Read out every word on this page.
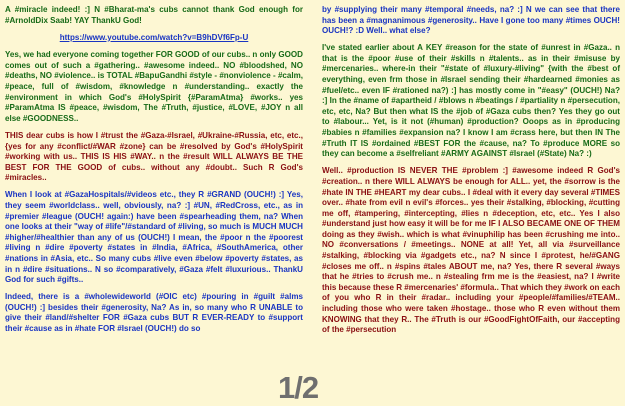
A #miracle indeed! :] N #Bharat-ma's cubs cannot thank God enough for #ArnoldDix Saab! YAY ThankU God!

https://www.youtube.com/watch?v=B9hDVf6Fp-U

Yes, we had everyone coming together FOR GOOD of our cubs.. n only GOOD comes out of such a #gathering.. #awesome indeed.. NO #bloodshed, NO #deaths, NO #violence.. is TOTAL #BapuGandhi #style - #nonviolence - #calm, #peace, full of #wisdom, #knowledge n #understanding.. exactly the #environment in which God's #HolySpirit {#ParamAtma} #works.. yes #ParamAtma IS #peace, #wisdom, The #Truth, #justice, #LOVE, #JOY n all else #GOODNESS..

THIS dear cubs is how I #trust the #Gaza-#Israel, #Ukraine-#Russia, etc, etc., {yes for any #conflict/#WAR #zone} can be #resolved by God's #HolySpirit #working with us.. THIS IS HIS #WAY.. n the #result WILL ALWAYS BE THE BEST FOR THE GOOD of cubs.. without any #doubt.. Such R God's #miracles..

When I look at #GazaHospitals/#videos etc., they R #GRAND (OUCH!) :] Yes, they seem #worldclass.. well, obviously, na? :] #UN, #RedCross, etc., as in #premier #league (OUCH! again:) have been #spearheading them, na? When one looks at their "way of #life"/#standard of #living, so much is MUCH MUCH #higher/#healthier than any of us (OUCH!) I mean, the #poor n the #poorest #living n #dire #poverty #states in #India, #Africa, #SouthAmerica, other #nations in #Asia, etc.. So many cubs #live even #below #poverty #states, as in n #dire #situations.. N so #comparatively, #Gaza #felt #luxurious.. ThankU God for such #gifts..

Indeed, there is a #wholewideworld (#OIC etc) #pouring in #guilt #alms (OUCH!) :] besides their #generosity, Na? As in, so many who R UNABLE to give their #land/#shelter FOR #Gaza cubs BUT R EVER-READY to #support their #cause as in #hate FOR #Israel (OUCH!) do so

by #supplying their many #temporal #needs, na? :] N we can see that there has been a #magnanimous #generosity.. Have I gone too many #times OUCH! OUCH!? :D Well.. what else?

I've stated earlier about A KEY #reason for the state of #unrest in #Gaza.. n that is the #poor #use of their #skills n #talents.. as in their #misuse by #mercenaries.. where-in their "#state of #luxury-#living" {with the #best of everything, even frm those in #Israel sending their #hardearned #monies as #fuel/etc.. even IF #rationed na?) :] has mostly come in "#easy" (OUCH!) Na? :] In the #name of #apartheid / #blows n #beatings / #partiality n #persecution, etc, etc, Na? But then what IS the #job of #Gaza cubs then? Yes they go out to #labour... Yet, is it not (#human) #production? Ooops as in #producing #babies n #families #expansion na? I know I am #crass here, but then IN The #Truth IT IS #ordained #BEST FOR the #cause, na? To #produce MORE so they can become a #selfreliant #ARMY AGAINST #Israel (#State) Na? :)

Well.. #production IS NEVER THE #problem :] #awesome indeed R God's #creation.. n there WILL ALWAYS be enough for ALL.. yet, the #sorrow is the #hate IN THE #HEART my dear cubs.. I #deal with it every day several #TIMES over.. #hate from evil n evil's #forces.. yes their #stalking, #blocking, #cutting me off, #tampering, #intercepting, #lies n #deception, etc, etc.. Yes I also #understand just how easy it will be for me IF I ALSO BECAME ONE OF THEM doing as they #wish.. which is what #vinuphilip has been #crushing me into.. NO #conversations / #meetings.. NONE at all! Yet, all via #surveillance #stalking, #blocking via #gadgets etc., na? N since I #protest, he/#GANG #closes me off.. n #spins #tales ABOUT me, na? Yes, there R several #ways that he #tries to #crush me.. n #stealing frm me is the #easiest, na? I #write this because these R #mercenaries' #formula.. That which they #work on each of you who R in their #radar.. including your #people/#families/#TEAM.. including those who were taken #hostage.. those who R even without them KNOWING that they R.. The #Truth is our #GoodFightOfFaith, our #accepting of the #persecution

1/2
